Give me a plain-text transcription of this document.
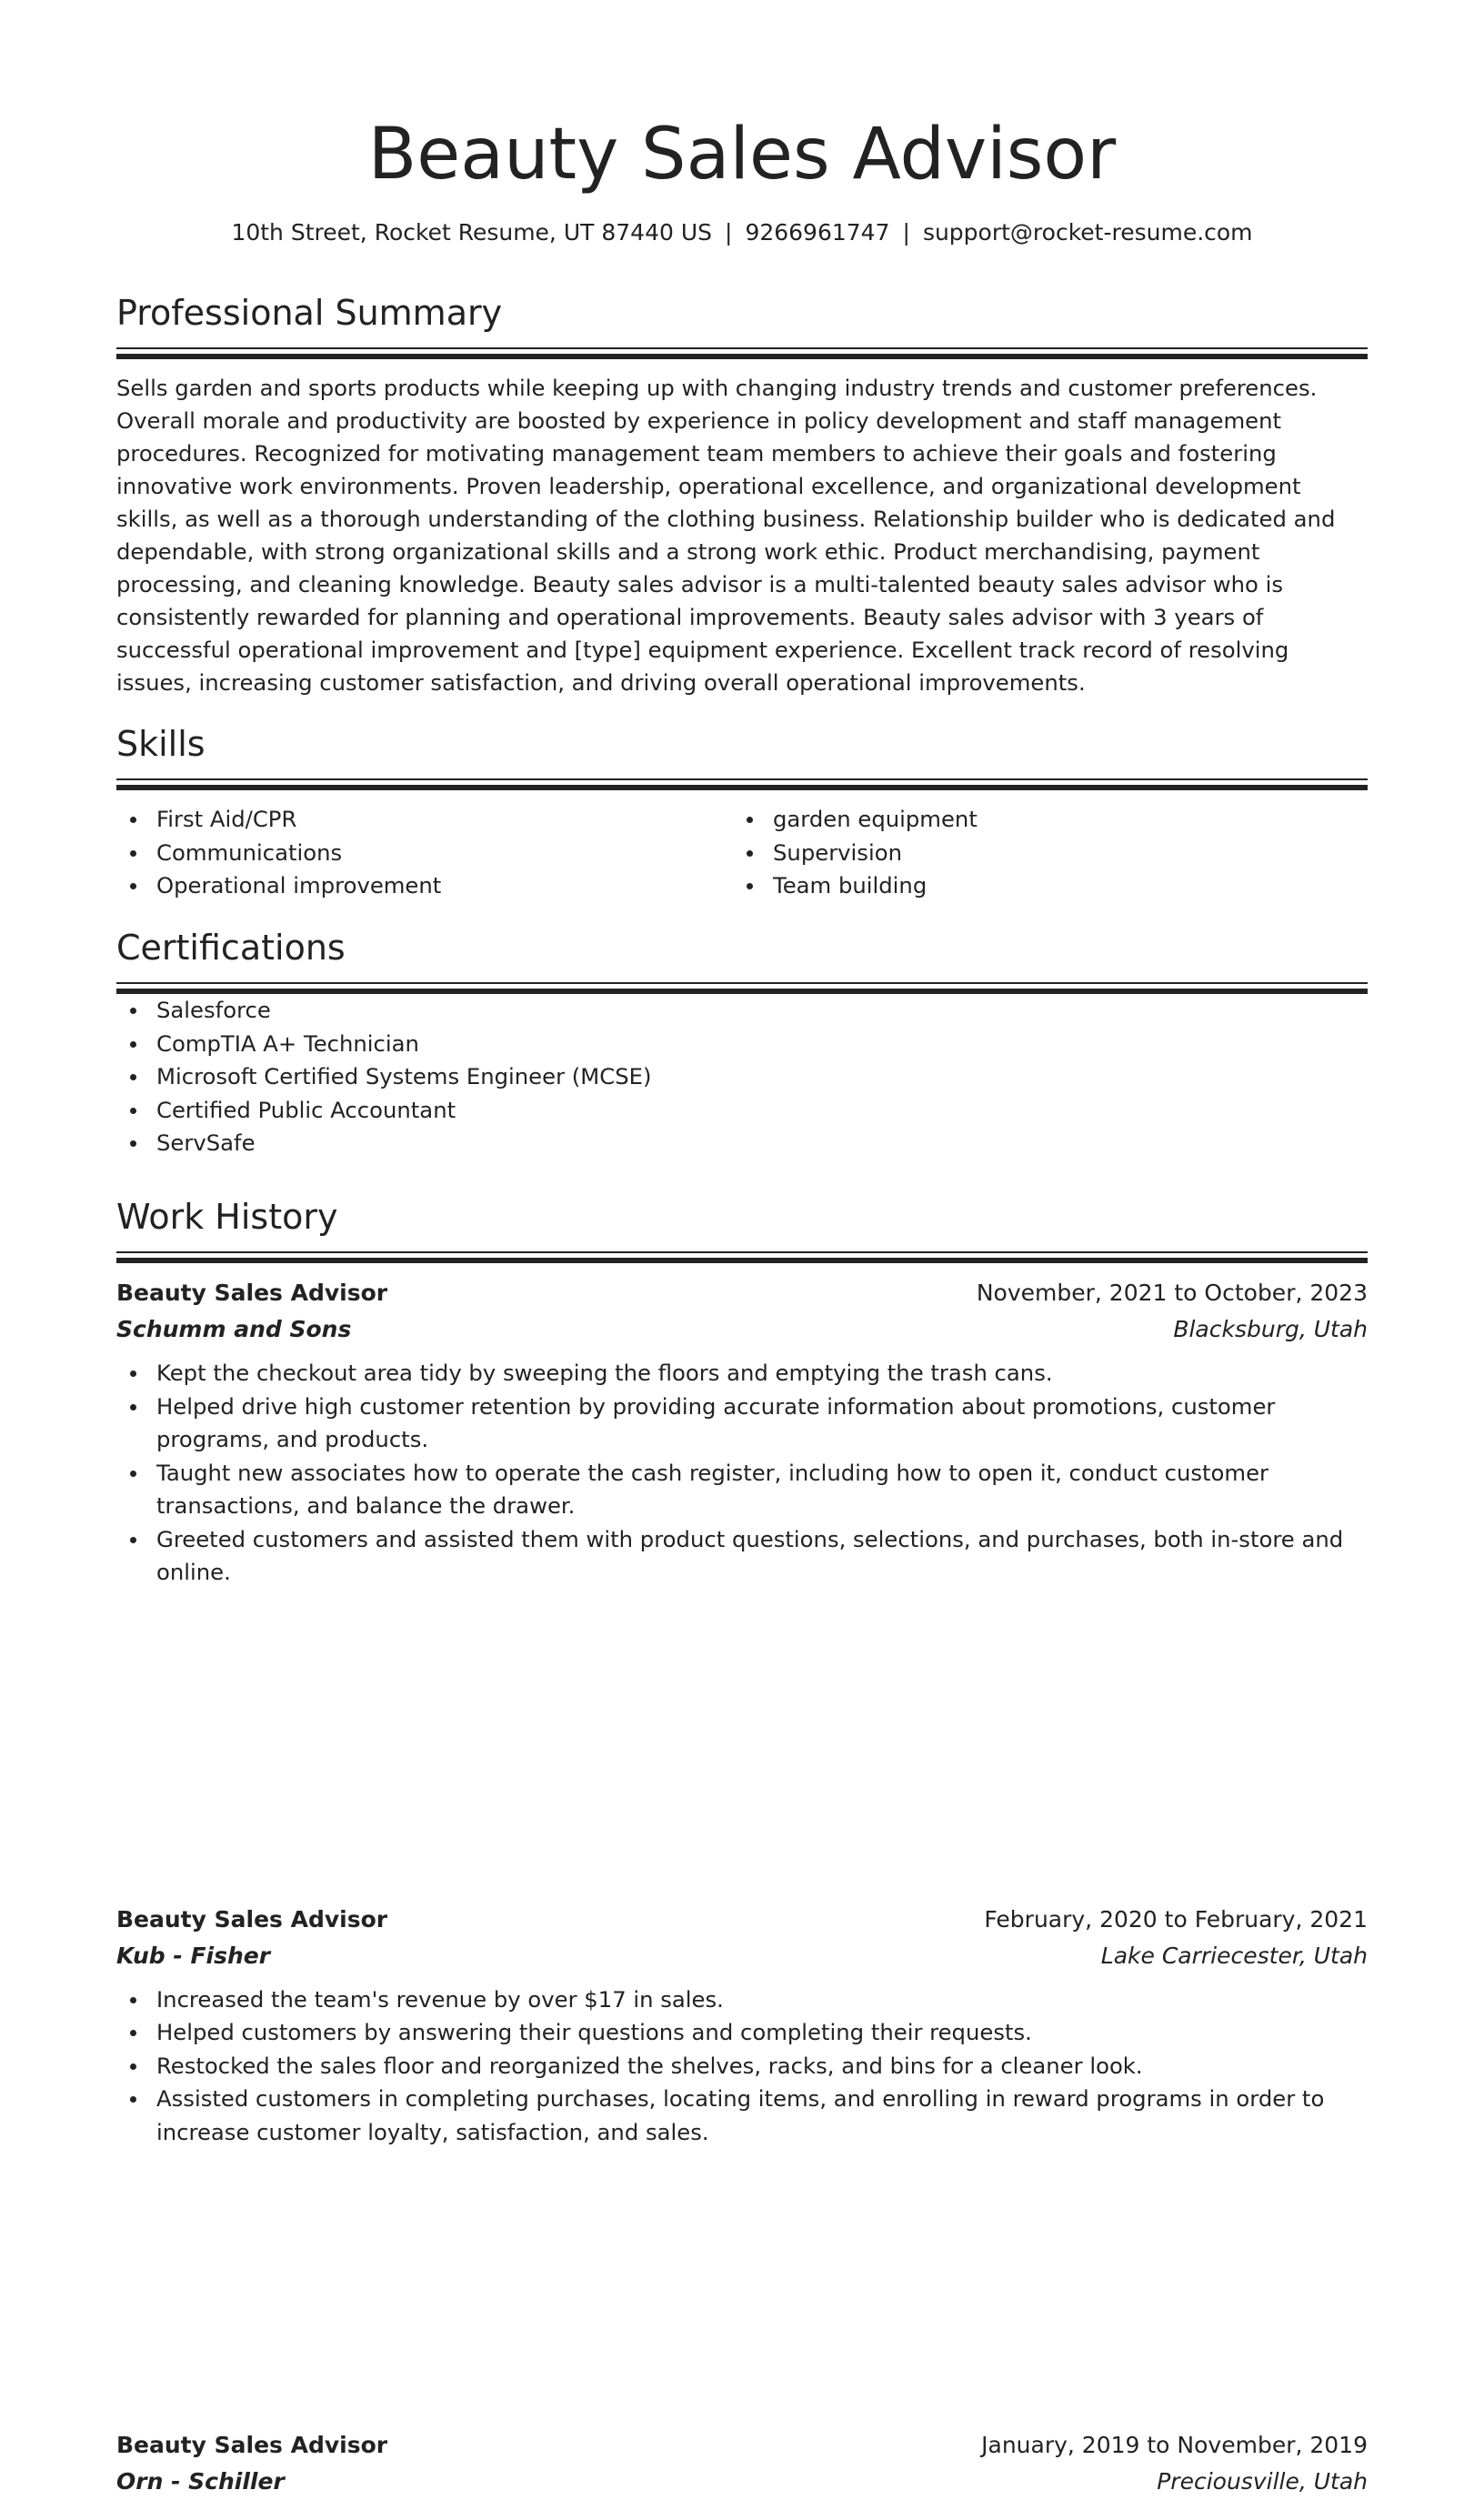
Beauty Sales Advisor
10th Street, Rocket Resume, UT 87440 US | 9266961747 | support@rocket-resume.com
Professional Summary

Sells garden and sports products while keeping up with changing industry trends and customer preferences. Overall morale and productivity are boosted by experience in policy development and staff management procedures. Recognized for motivating management team members to achieve their goals and fostering innovative work environments. Proven leadership, operational excellence, and organizational development skills, as well as a thorough understanding of the clothing business. Relationship builder who is dedicated and dependable, with strong organizational skills and a strong work ethic. Product merchandising, payment processing, and cleaning knowledge. Beauty sales advisor is a multi-talented beauty sales advisor who is consistently rewarded for planning and operational improvements. Beauty sales advisor with 3 years of successful operational improvement and [type] equipment experience. Excellent track record of resolving issues, increasing customer satisfaction, and driving overall operational improvements.

Skills
First Aid/CPR
Communications
Operational improvement
garden equipment
Supervision
Team building
Certifications
Salesforce
CompTIA A+ Technician
Microsoft Certified Systems Engineer (MCSE)
Certified Public Accountant
ServSafe
Work History
Beauty Sales Advisor	November, 2021 to October, 2023
Schumm and Sons	Blacksburg, Utah
Kept the checkout area tidy by sweeping the floors and emptying the trash cans.
Helped drive high customer retention by providing accurate information about promotions, customer programs, and products.
Taught new associates how to operate the cash register, including how to open it, conduct customer transactions, and balance the drawer.
Greeted customers and assisted them with product questions, selections, and purchases, both in-store and online.
Beauty Sales Advisor	February, 2020 to February, 2021
Kub - Fisher	Lake Carriecester, Utah
Increased the team's revenue by over $17 in sales.
Helped customers by answering their questions and completing their requests.
Restocked the sales floor and reorganized the shelves, racks, and bins for a cleaner look.
Assisted customers in completing purchases, locating items, and enrolling in reward programs in order to increase customer loyalty, satisfaction, and sales.
Beauty Sales Advisor	January, 2019 to November, 2019
Orn - Schiller	Preciousville, Utah
